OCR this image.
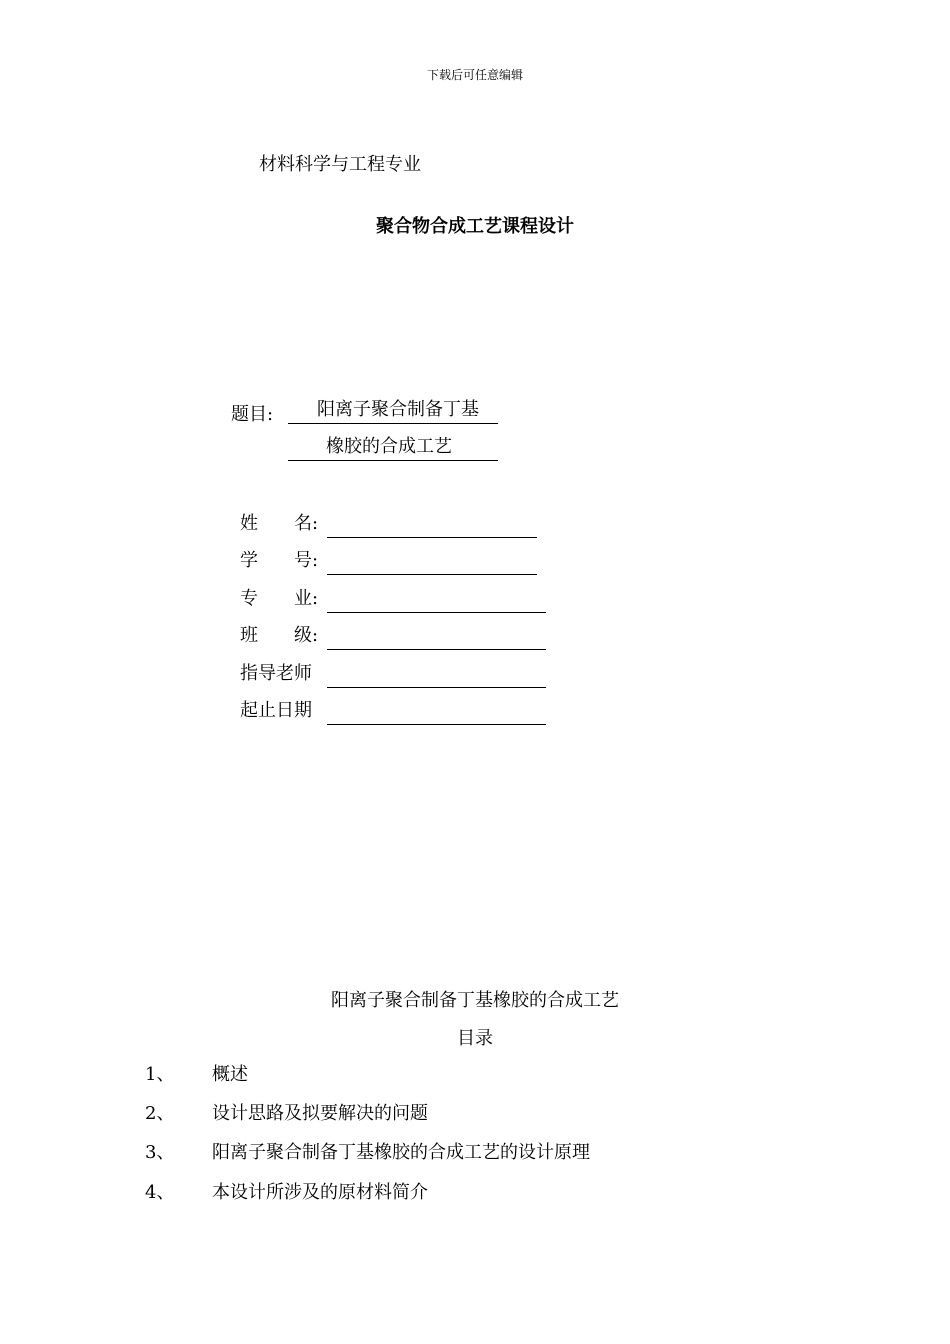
下载后可任意编辑
材料科学与工程专业
聚合物合成工艺课程设计
题目: 阳离子聚合制备丁基
橡胶的合成工艺
姓　　名:
学　　号:
专　　业:
班　　级:
指导老师
起止日期
阳离子聚合制备丁基橡胶的合成工艺
目录
1、 概述
2、 设计思路及拟要解决的问题
3、 阳离子聚合制备丁基橡胶的合成工艺的设计原理
4、 本设计所涉及的原材料简介
